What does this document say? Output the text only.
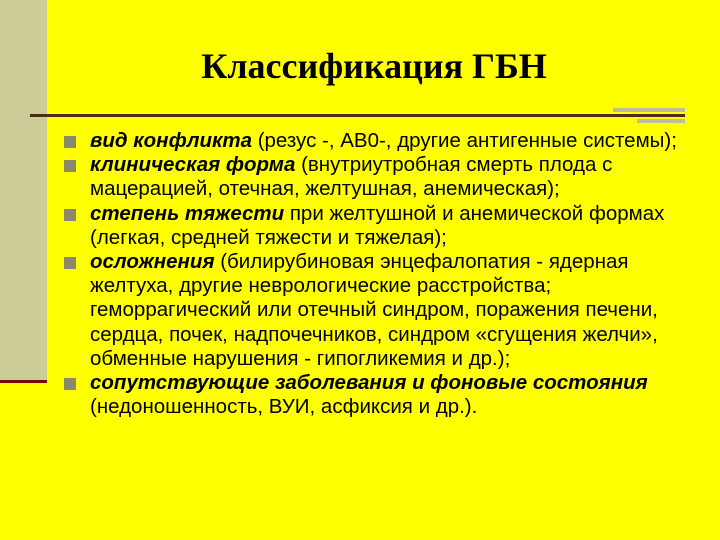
Классификация ГБН
вид конфликта (резус -, АВ0-, другие антигенные системы);
клиническая форма (внутриутробная смерть плода с мацерацией, отечная, желтушная, анемическая);
степень тяжести при желтушной и анемической формах (легкая, средней тяжести и тяжелая);
осложнения (билирубиновая энцефалопатия - ядерная желтуха, другие неврологические расстройства; геморрагический или отечный синдром, поражения печени, сердца, почек, надпочечников, синдром «сгущения желчи», обменные нарушения - гипогликемия и др.);
сопутствующие заболевания и фоновые состояния (недоношенность, ВУИ, асфиксия и др.).
